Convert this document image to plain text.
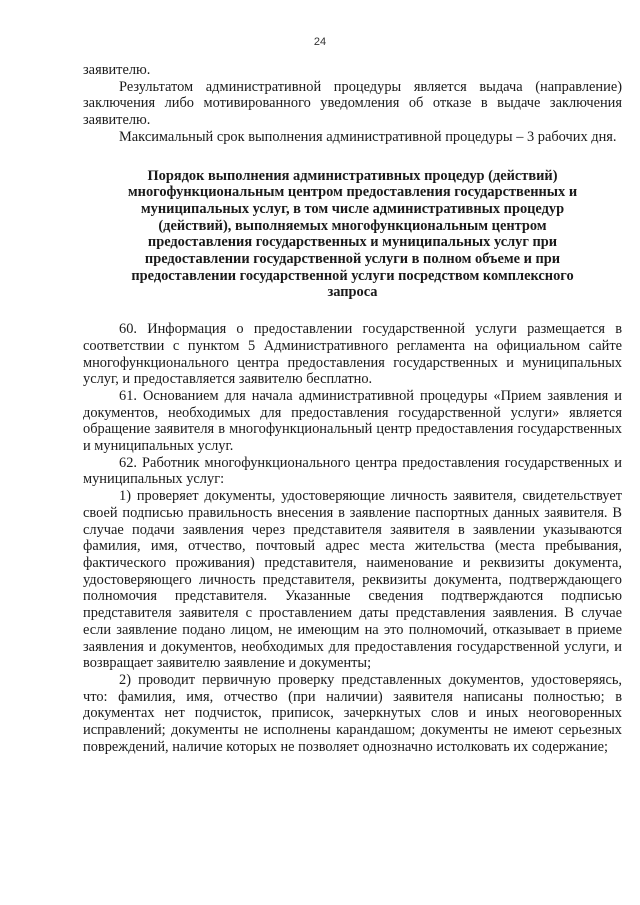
24

заявителю.

Результатом административной процедуры является выдача (направление) заключения либо мотивированного уведомления об отказе в выдаче заключения заявителю.

Максимальный срок выполнения административной процедуры – 3 рабочих дня.

Порядок выполнения административных процедур (действий) многофункциональным центром предоставления государственных и муниципальных услуг, в том числе административных процедур (действий), выполняемых многофункциональным центром предоставления государственных и муниципальных услуг при предоставлении государственной услуги в полном объеме и при предоставлении государственной услуги посредством комплексного запроса

60. Информация о предоставлении государственной услуги размещается в соответствии с пунктом 5 Административного регламента на официальном сайте многофункционального центра предоставления государственных и муниципальных услуг, и предоставляется заявителю бесплатно.

61. Основанием для начала административной процедуры «Прием заявления и документов, необходимых для предоставления государственной услуги» является обращение заявителя в многофункциональный центр предоставления государственных и муниципальных услуг.

62. Работник многофункционального центра предоставления государственных и муниципальных услуг:

1) проверяет документы, удостоверяющие личность заявителя, свидетельствует своей подписью правильность внесения в заявление паспортных данных заявителя. В случае подачи заявления через представителя заявителя в заявлении указываются фамилия, имя, отчество, почтовый адрес места жительства (места пребывания, фактического проживания) представителя, наименование и реквизиты документа, удостоверяющего личность представителя, реквизиты документа, подтверждающего полномочия представителя. Указанные сведения подтверждаются подписью представителя заявителя с проставлением даты представления заявления. В случае если заявление подано лицом, не имеющим на это полномочий, отказывает в приеме заявления и документов, необходимых для предоставления государственной услуги, и возвращает заявителю заявление и документы;

2) проводит первичную проверку представленных документов, удостоверяясь, что: фамилия, имя, отчество (при наличии) заявителя написаны полностью; в документах нет подчисток, приписок, зачеркнутых слов и иных неоговоренных исправлений; документы не исполнены карандашом; документы не имеют серьезных повреждений, наличие которых не позволяет однозначно истолковать их содержание;
